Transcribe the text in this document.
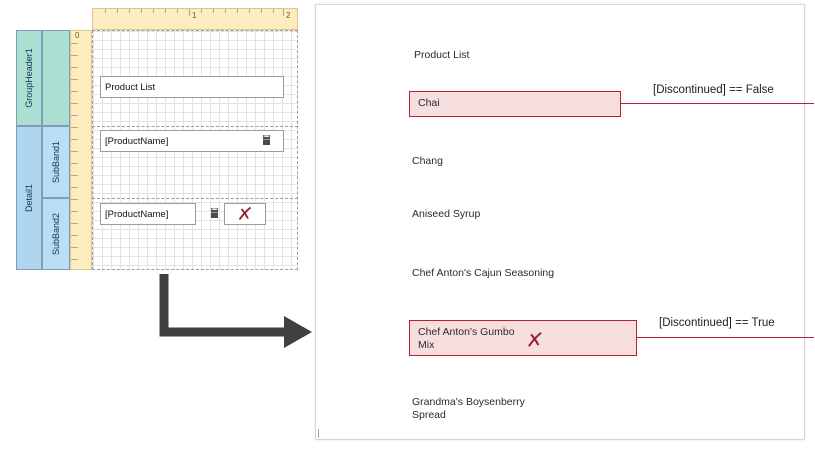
1	2
0
GroupHeader1
Detail1
SubBand1
SubBand2
Product List
[ProductName]
[ProductName]
Product List
Chai
Chang
Aniseed Syrup
Chef Anton's Cajun Seasoning
Chef Anton's Gumbo Mix
Grandma's Boysenberry Spread
[Discontinued] == False
[Discontinued] == True
